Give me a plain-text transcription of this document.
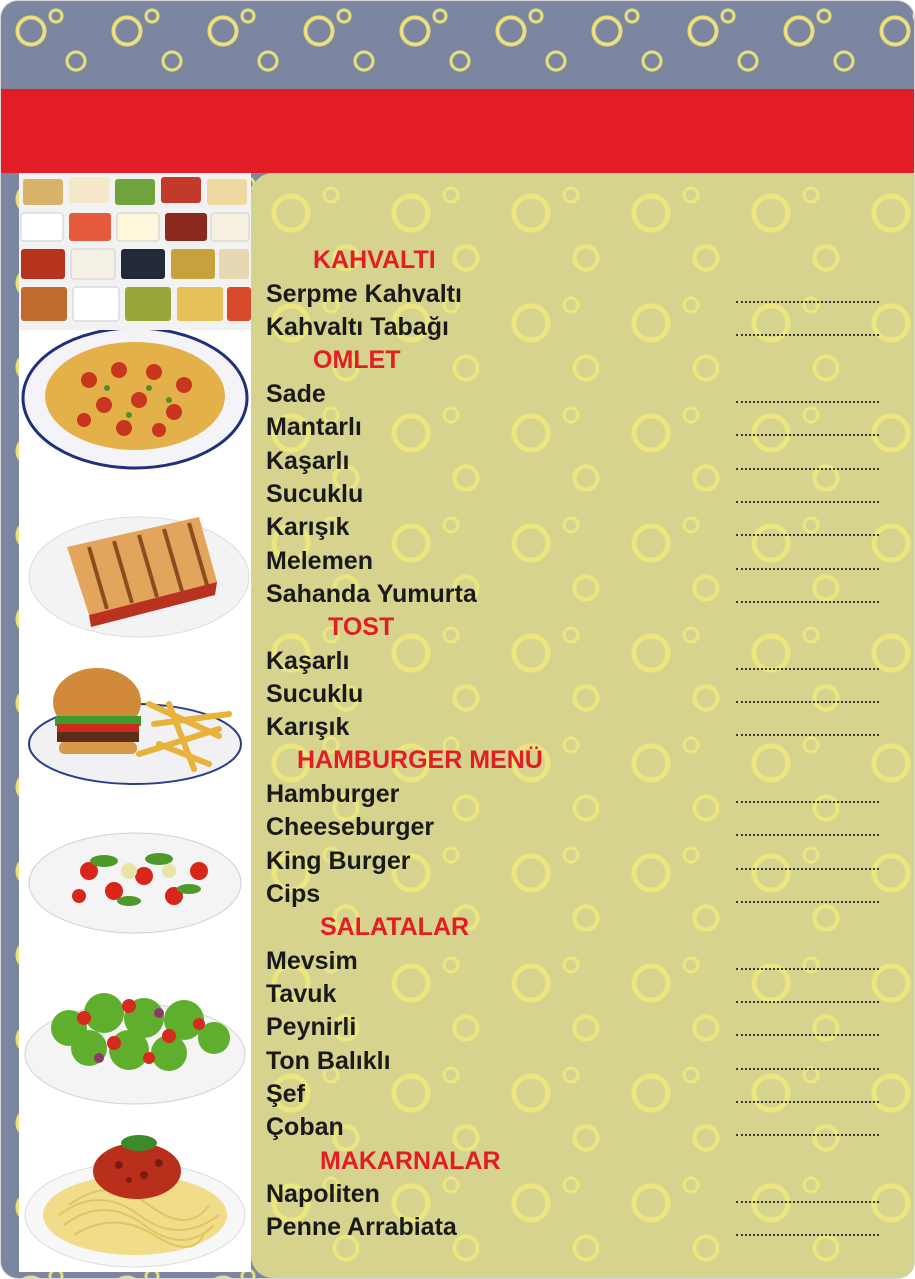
KAHVALTI
Serpme Kahvaltı
Kahvaltı Tabağı
OMLET
Sade
Mantarlı
Kaşarlı
Sucuklu
Karışık
Melemen
Sahanda Yumurta
TOST
Kaşarlı
Sucuklu
Karışık
HAMBURGER MENÜ
Hamburger
Cheeseburger
King Burger
Cips
SALATALAR
Mevsim
Tavuk
Peynirli
Ton Balıklı
Şef
Çoban
MAKARNALAR
Napoliten
Penne Arrabiata
